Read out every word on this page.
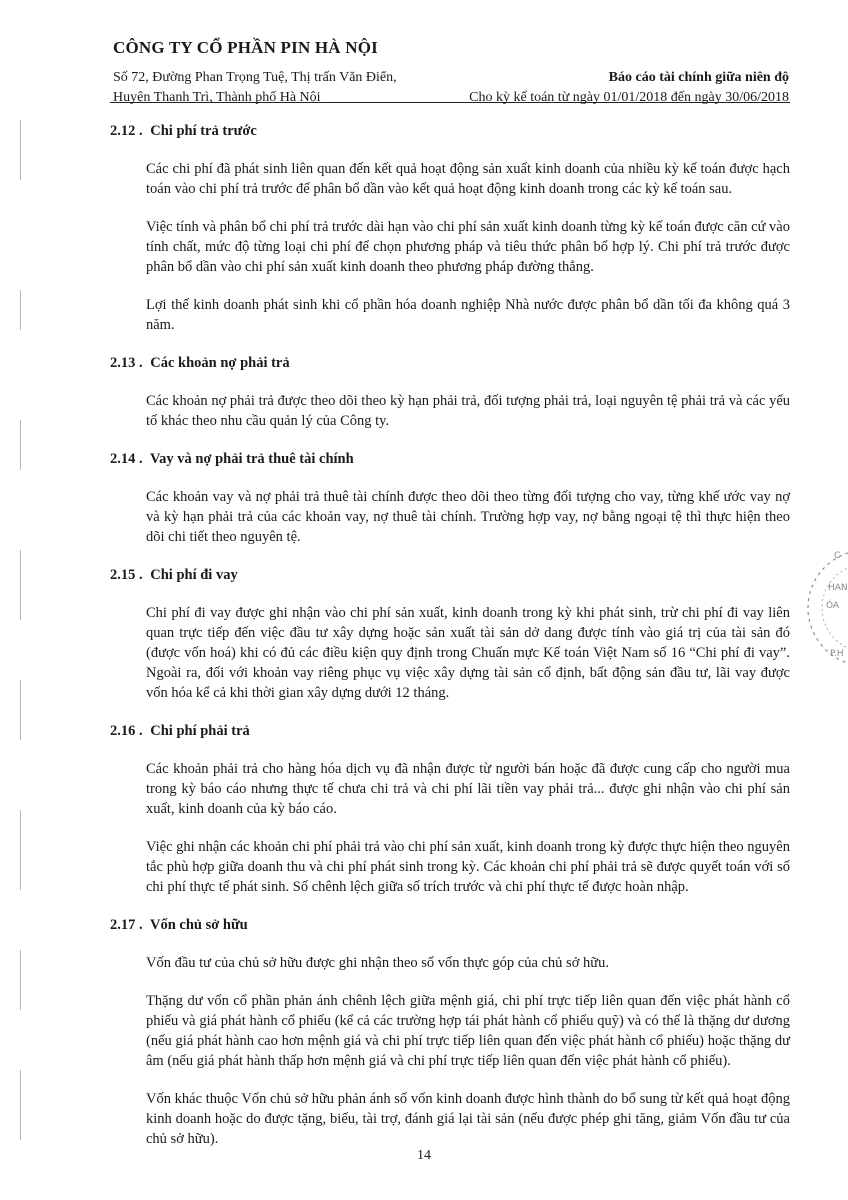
CÔNG TY CỔ PHẦN PIN HÀ NỘI
Số 72, Đường Phan Trọng Tuệ, Thị trấn Văn Điển,	Báo cáo tài chính giữa niên độ
Huyện Thanh Trì, Thành phố Hà Nội	Cho kỳ kế toán từ ngày 01/01/2018 đến ngày 30/06/2018
2.12 . Chi phí trả trước

Các chi phí đã phát sinh liên quan đến kết quả hoạt động sản xuất kinh doanh của nhiều kỳ kế toán được hạch toán vào chi phí trả trước để phân bổ dần vào kết quả hoạt động kinh doanh trong các kỳ kế toán sau.

Việc tính và phân bổ chi phí trả trước dài hạn vào chi phí sản xuất kinh doanh từng kỳ kế toán được căn cứ vào tính chất, mức độ từng loại chi phí để chọn phương pháp và tiêu thức phân bổ hợp lý. Chi phí trả trước được phân bổ dần vào chi phí sản xuất kinh doanh theo phương pháp đường thẳng.

Lợi thế kinh doanh phát sinh khi cổ phần hóa doanh nghiệp Nhà nước được phân bổ dần tối đa không quá 3 năm.

2.13 . Các khoản nợ phải trả

Các khoản nợ phải trả được theo dõi theo kỳ hạn phải trả, đối tượng phải trả, loại nguyên tệ phải trả và các yếu tố khác theo nhu cầu quản lý của Công ty.

2.14 . Vay và nợ phải trả thuê tài chính

Các khoản vay và nợ phải trả thuê tài chính được theo dõi theo từng đối tượng cho vay, từng khế ước vay nợ và kỳ hạn phải trả của các khoản vay, nợ thuê tài chính. Trường hợp vay, nợ bằng ngoại tệ thì thực hiện theo dõi chi tiết theo nguyên tệ.

2.15 . Chi phí đi vay

Chi phí đi vay được ghi nhận vào chi phí sản xuất, kinh doanh trong kỳ khi phát sinh, trừ chi phí đi vay liên quan trực tiếp đến việc đầu tư xây dựng hoặc sản xuất tài sản dở dang được tính vào giá trị của tài sản đó (được vốn hoá) khi có đủ các điều kiện quy định trong Chuẩn mực Kế toán Việt Nam số 16 “Chi phí đi vay”. Ngoài ra, đối với khoản vay riêng phục vụ việc xây dựng tài sản cố định, bất động sản đầu tư, lãi vay được vốn hóa kể cả khi thời gian xây dựng dưới 12 tháng.

2.16 . Chi phí phải trả

Các khoản phải trả cho hàng hóa dịch vụ đã nhận được từ người bán hoặc đã được cung cấp cho người mua trong kỳ báo cáo nhưng thực tế chưa chi trả và chi phí lãi tiền vay phải trả... được ghi nhận vào chi phí sản xuất, kinh doanh của kỳ báo cáo.

Việc ghi nhận các khoản chi phí phải trả vào chi phí sản xuất, kinh doanh trong kỳ được thực hiện theo nguyên tắc phù hợp giữa doanh thu và chi phí phát sinh trong kỳ. Các khoản chi phí phải trả sẽ được quyết toán với số chi phí thực tế phát sinh. Số chênh lệch giữa số trích trước và chi phí thực tế được hoàn nhập.

2.17 . Vốn chủ sở hữu

Vốn đầu tư của chủ sở hữu được ghi nhận theo số vốn thực góp của chủ sở hữu.

Thặng dư vốn cổ phần phản ánh chênh lệch giữa mệnh giá, chi phí trực tiếp liên quan đến việc phát hành cổ phiếu và giá phát hành cổ phiếu (kể cả các trường hợp tái phát hành cổ phiếu quỹ) và có thể là thặng dư dương (nếu giá phát hành cao hơn mệnh giá và chi phí trực tiếp liên quan đến việc phát hành cổ phiếu) hoặc thặng dư âm (nếu giá phát hành thấp hơn mệnh giá và chi phí trực tiếp liên quan đến việc phát hành cổ phiếu).

Vốn khác thuộc Vốn chủ sở hữu phản ánh số vốn kinh doanh được hình thành do bổ sung từ kết quả hoạt động kinh doanh hoặc do được tặng, biếu, tài trợ, đánh giá lại tài sản (nếu được phép ghi tăng, giảm Vốn đầu tư của chủ sở hữu).

14
C
HAN
ÓA
P.H
